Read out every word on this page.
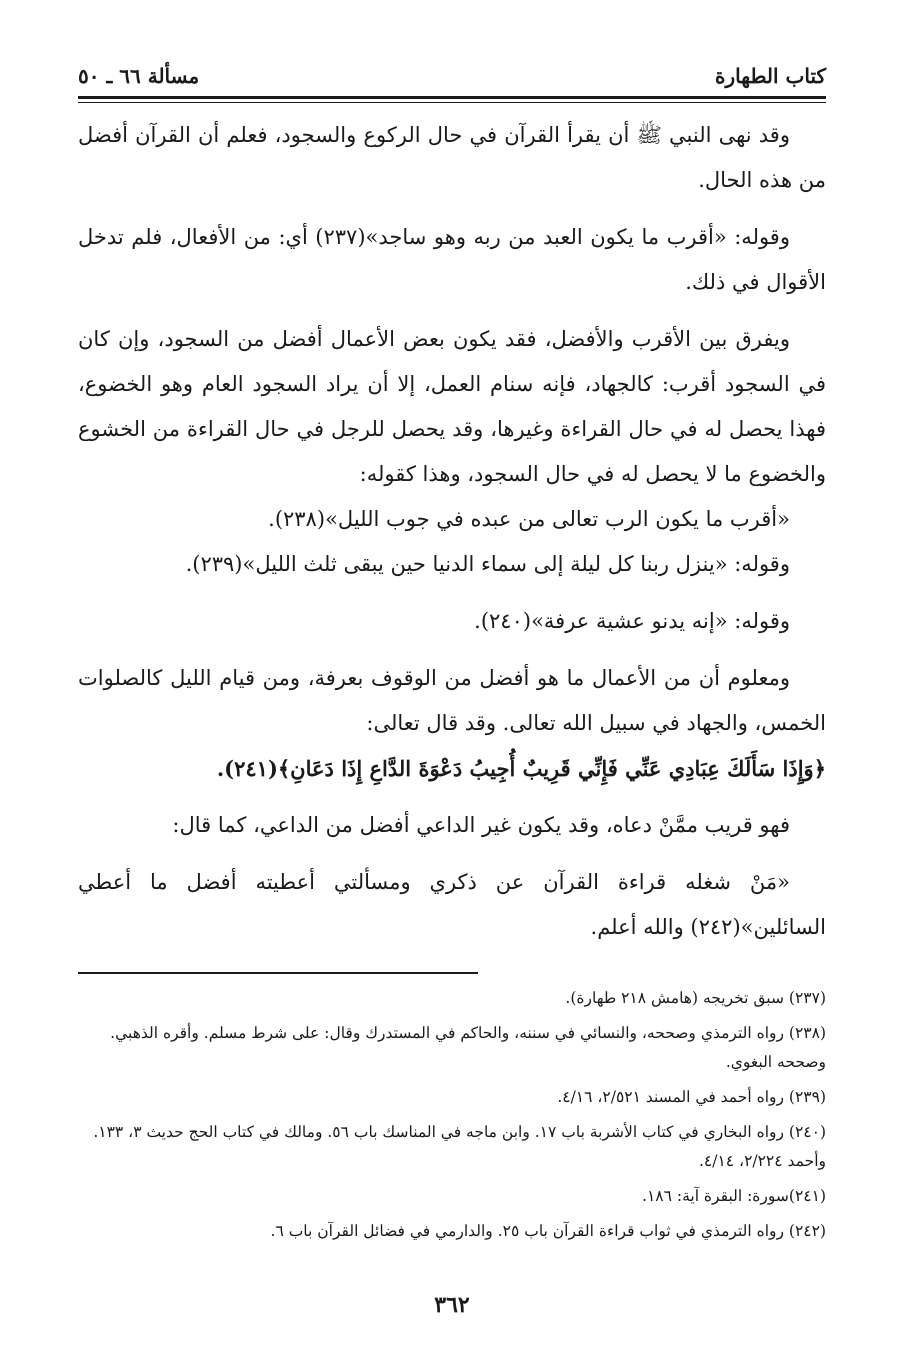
كتاب الطهارة
مسألة ٦٦ ـ ٥٠

وقد نهى النبي ﷺ أن يقرأ القرآن في حال الركوع والسجود، فعلم أن القرآن أفضل من هذه الحال.

وقوله: «أقرب ما يكون العبد من ربه وهو ساجد»(٢٣٧) أي: من الأفعال، فلم تدخل الأقوال في ذلك.

ويفرق بين الأقرب والأفضل، فقد يكون بعض الأعمال أفضل من السجود، وإن كان في السجود أقرب: كالجهاد، فإنه سنام العمل، إلا أن يراد السجود العام وهو الخضوع، فهذا يحصل له في حال القراءة وغيرها، وقد يحصل للرجل في حال القراءة من الخشوع والخضوع ما لا يحصل له في حال السجود، وهذا كقوله:

«أقرب ما يكون الرب تعالى من عبده في جوب الليل»(٢٣٨).

وقوله: «ينزل ربنا كل ليلة إلى سماء الدنيا حين يبقى ثلث الليل»(٢٣٩).

وقوله: «إنه يدنو عشية عرفة»(٢٤٠).

ومعلوم أن من الأعمال ما هو أفضل من الوقوف بعرفة، ومن قيام الليل كالصلوات الخمس، والجهاد في سبيل الله تعالى. وقد قال تعالى:

﴿وَإِذَا سَأَلَكَ عِبَادِي عَنِّي فَإِنِّي قَرِيبٌ أُجِيبُ دَعْوَةَ الدَّاعِ إِذَا دَعَانِ﴾(٢٤١).

فهو قريب ممَّنْ دعاه، وقد يكون غير الداعي أفضل من الداعي، كما قال:

«مَنْ شغله قراءة القرآن عن ذكري ومسألتي أعطيته أفضل ما أعطي السائلين»(٢٤٢) والله أعلم.

(٢٣٧) سبق تخريجه (هامش ٢١٨ طهارة).
(٢٣٨) رواه الترمذي وصححه، والنسائي في سننه، والحاكم في المستدرك وقال: على شرط مسلم. وأقره الذهبي. وصححه البغوي.
(٢٣٩) رواه أحمد في المسند ٢/٥٢١، ٤/١٦.
(٢٤٠) رواه البخاري في كتاب الأشربة باب ١٧. وابن ماجه في المناسك باب ٥٦. ومالك في كتاب الحج حديث ٣، ١٣٣. وأحمد ٢/٢٢٤، ٤/١٤.
(٢٤١)سورة: البقرة آية: ١٨٦.
(٢٤٢) رواه الترمذي في ثواب قراءة القرآن باب ٢٥. والدارمي في فضائل القرآن باب ٦.
٣٦٢
